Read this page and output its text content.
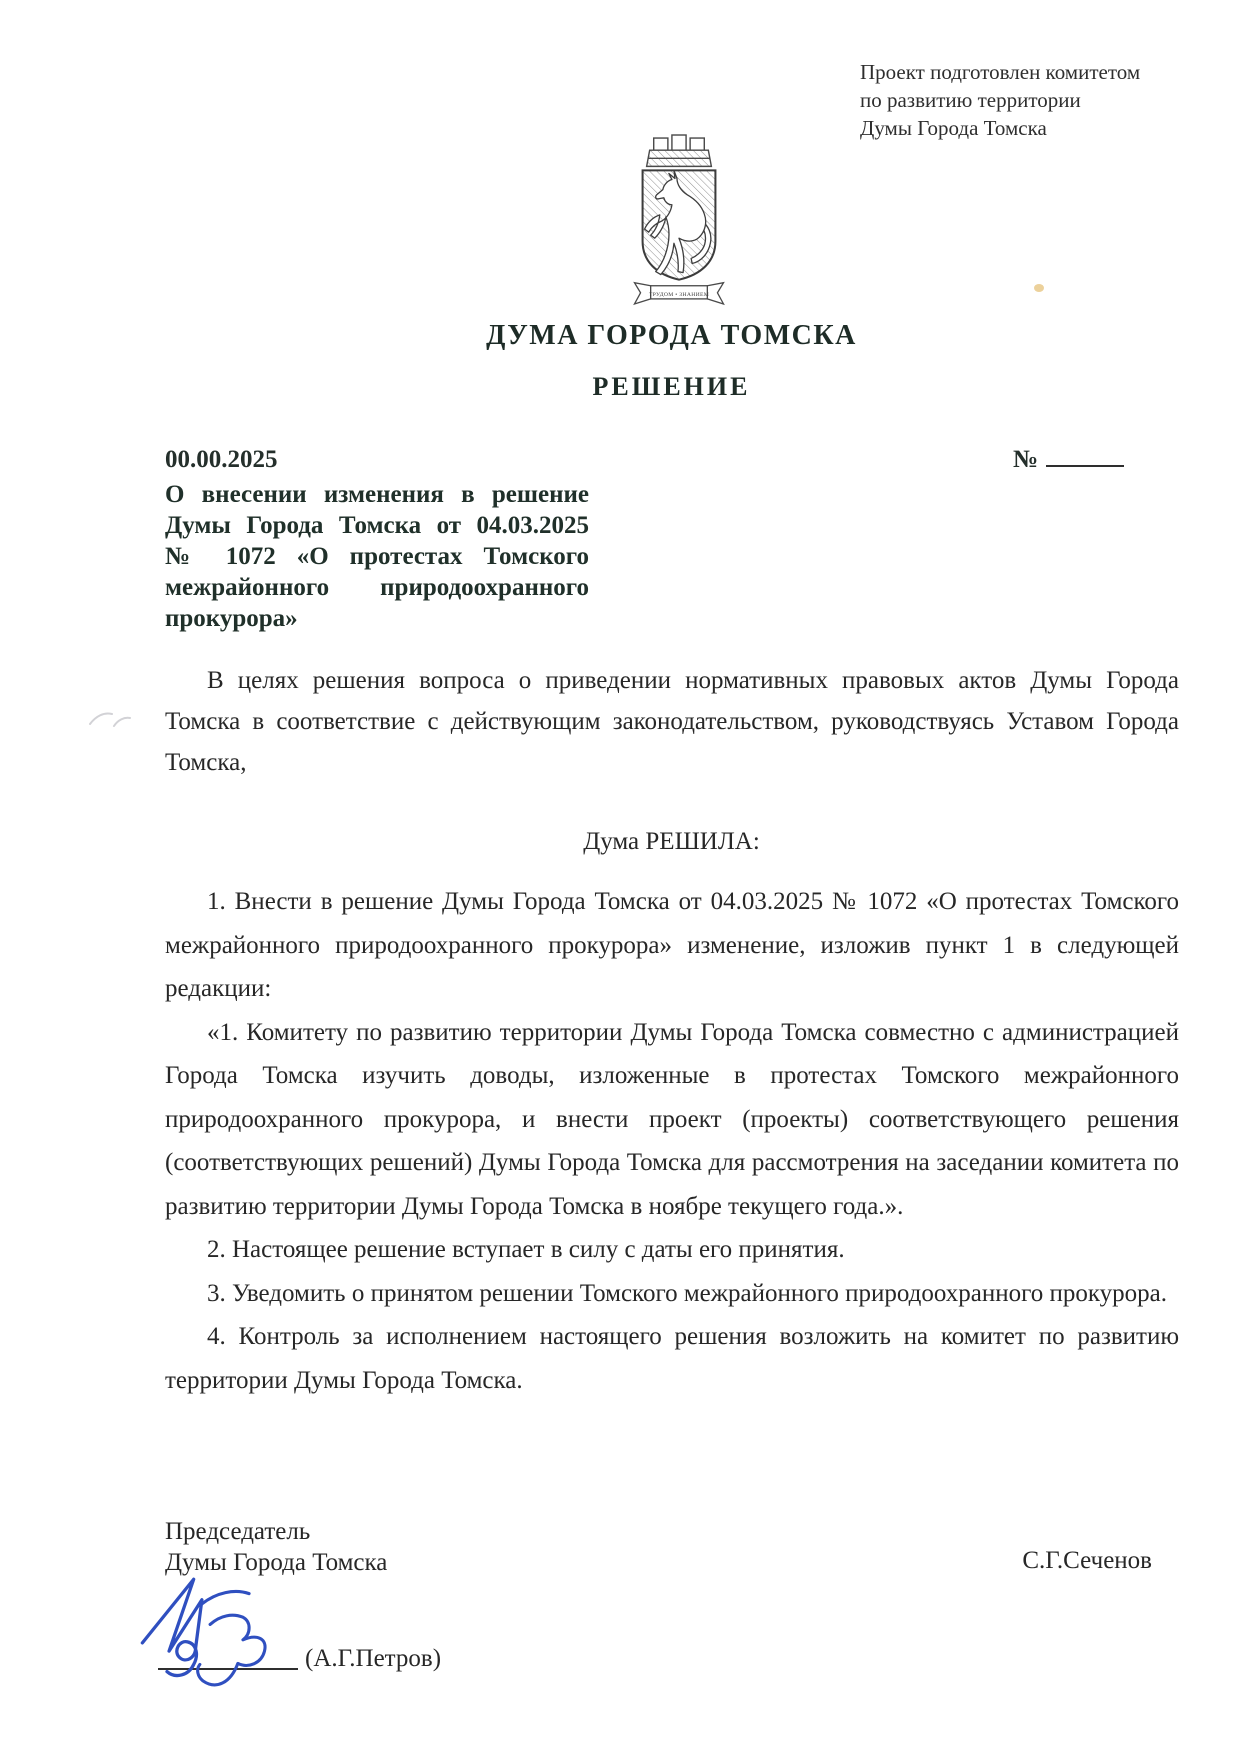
Проект подготовлен комитетом
по развитию территории
Думы Города Томска
ТРУДОМ • ЗНАНИЕМ
ДУМА ГОРОДА ТОМСКА
РЕШЕНИЕ
00.00.2025	№
О внесении изменения в решение
Думы Города Томска от 04.03.2025
№ 1072 «О протестах Томского
межрайонного природоохранного
прокурора»
В целях решения вопроса о приведении нормативных правовых актов Думы Города Томска в соответствие с действующим законодательством, руководствуясь Уставом Города Томска,
Дума РЕШИЛА:

1. Внести в решение Думы Города Томска от 04.03.2025 № 1072 «О протестах Томского межрайонного природоохранного прокурора» изменение, изложив пункт 1 в следующей редакции:

«1. Комитету по развитию территории Думы Города Томска совместно с администрацией Города Томска изучить доводы, изложенные в протестах Томского межрайонного природоохранного прокурора, и внести проект (проекты) соответствующего решения (соответствующих решений) Думы Города Томска для рассмотрения на заседании комитета по развитию территории Думы Города Томска в ноябре текущего года.».

2. Настоящее решение вступает в силу с даты его принятия.

3. Уведомить о принятом решении Томского межрайонного природоохранного прокурора.

4. Контроль за исполнением настоящего решения возложить на комитет по развитию территории Думы Города Томска.

Председатель
Думы Города Томска	С.Г.Сеченов
(А.Г.Петров)
